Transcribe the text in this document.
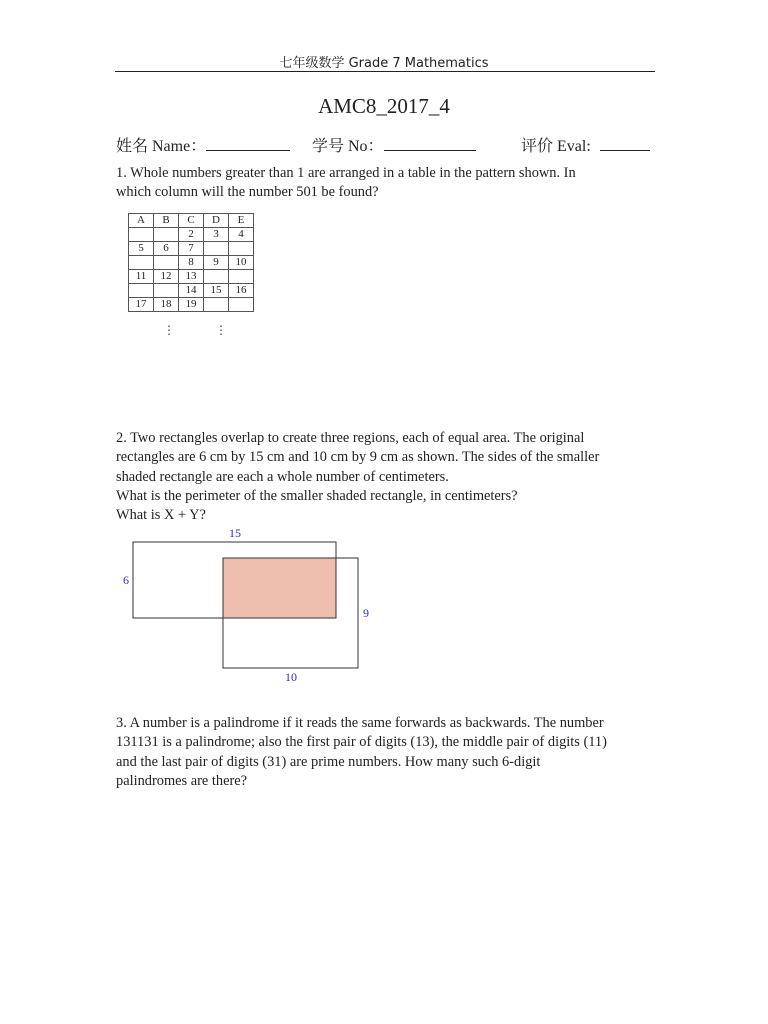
七年级数学 Grade 7 Mathematics
AMC8_2017_4
姓名 Name：	学号 No：	评价 Eval:

1. Whole numbers greater than 1 are arranged in a table in the pattern shown. In

which column will the number 501 be found?

A	B	C	D	E
		2	3	4
5	6	7		
		8	9	10
11	12	13		
		14	15	16
17	18	19		
⋮	⋮

2. Two rectangles overlap to create three regions, each of equal area. The original

rectangles are 6 cm by 15 cm and 10 cm by 9 cm as shown. The sides of the smaller

shaded rectangle are each a whole number of centimeters.

What is the perimeter of the smaller shaded rectangle, in centimeters?

What is X + Y?

15
6
9
10

3. A number is a palindrome if it reads the same forwards as backwards. The number

131131 is a palindrome; also the first pair of digits (13), the middle pair of digits (11)

and the last pair of digits (31) are prime numbers. How many such 6-digit

palindromes are there?
